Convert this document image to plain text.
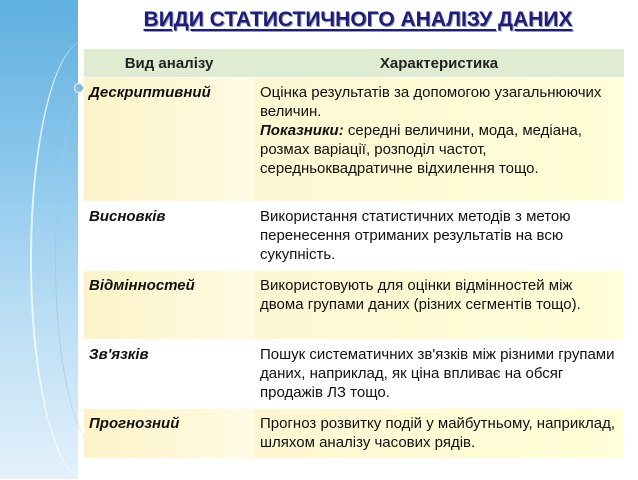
ВИДИ СТАТИСТИЧНОГО АНАЛІЗУ ДАНИХ
Вид аналізу	Характеристика
Дескриптивний	Оцінка результатів за допомогою узагальнюючих величин.
Показники: середні величини, мода, медіана, розмах варіації, розподіл частот, середньоквадратичне відхилення тощо.
Висновків	Використання статистичних методів з метою перенесення отриманих результатів на всю сукупність.
Відмінностей	Використовують для оцінки відмінностей між двома групами даних (різних сегментів тощо).
Зв'язків	Пошук систематичних зв'язків між різними групами даних, наприклад, як ціна впливає на обсяг продажів ЛЗ тощо.
Прогнозний	Прогноз розвитку подій у майбутньому, наприклад, шляхом аналізу часових рядів.
